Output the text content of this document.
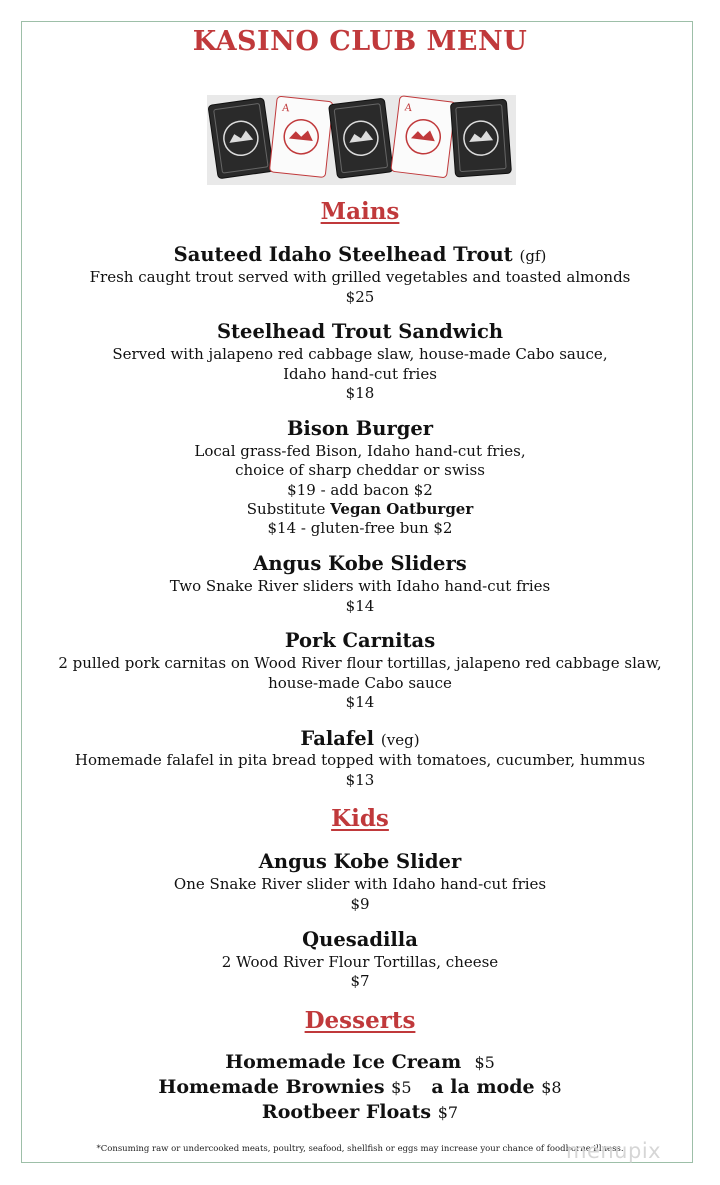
KASINO CLUB MENU
A	A
Mains
Sauteed Idaho Steelhead Trout (gf)
Fresh caught trout served with grilled vegetables and toasted almonds
$25
Steelhead Trout Sandwich
Served with jalapeno red cabbage slaw, house-made Cabo sauce,
Idaho hand-cut fries
$18
Bison Burger
Local grass-fed Bison, Idaho hand-cut fries,
choice of sharp cheddar or swiss
$19 - add bacon $2
Substitute Vegan Oatburger
$14 - gluten-free bun $2
Angus Kobe Sliders
Two Snake River sliders with Idaho hand-cut fries
$14
Pork Carnitas
2 pulled pork carnitas on Wood River flour tortillas, jalapeno red cabbage slaw,
house-made Cabo sauce
$14
Falafel (veg)
Homemade falafel in pita bread topped with tomatoes, cucumber, hummus
$13
Kids
Angus Kobe Slider
One Snake River slider with Idaho hand-cut fries
$9
Quesadilla
2 Wood River Flour Tortillas, cheese
$7
Desserts
Homemade Ice Cream $5
Homemade Brownies $5 a la mode $8
Rootbeer Floats $7
*Consuming raw or undercooked meats, poultry, seafood, shellfish or eggs may increase your chance of foodborne illness.
menupix
